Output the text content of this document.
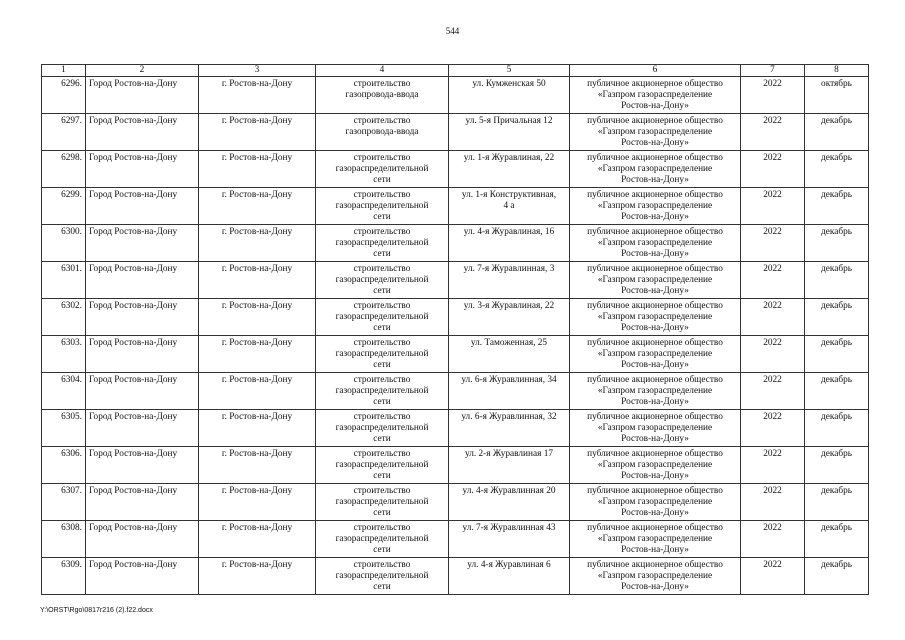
544
1	2	3	4	5	6	7	8
6296.	Город Ростов-на-Дону	г. Ростов-на-Дону	строительство
газопровода-ввода	ул. Кумженская 50	публичное акционерное общество
«Газпром газораспределение
Ростов-на-Дону»	2022	октябрь
6297.	Город Ростов-на-Дону	г. Ростов-на-Дону	строительство
газопровода-ввода	ул. 5-я Причальная 12	публичное акционерное общество
«Газпром газораспределение
Ростов-на-Дону»	2022	декабрь
6298.	Город Ростов-на-Дону	г. Ростов-на-Дону	строительство
газораспределительной
сети	ул. 1-я Журавлиная, 22	публичное акционерное общество
«Газпром газораспределение
Ростов-на-Дону»	2022	декабрь
6299.	Город Ростов-на-Дону	г. Ростов-на-Дону	строительство
газораспределительной
сети	ул. 1-я Конструктивная,
4 а	публичное акционерное общество
«Газпром газораспределение
Ростов-на-Дону»	2022	декабрь
6300.	Город Ростов-на-Дону	г. Ростов-на-Дону	строительство
газораспределительной
сети	ул. 4-я Журавлиная, 16	публичное акционерное общество
«Газпром газораспределение
Ростов-на-Дону»	2022	декабрь
6301.	Город Ростов-на-Дону	г. Ростов-на-Дону	строительство
газораспределительной
сети	ул. 7-я Журавлинная, 3	публичное акционерное общество
«Газпром газораспределение
Ростов-на-Дону»	2022	декабрь
6302.	Город Ростов-на-Дону	г. Ростов-на-Дону	строительство
газораспределительной
сети	ул. 3-я Журавлиная, 22	публичное акционерное общество
«Газпром газораспределение
Ростов-на-Дону»	2022	декабрь
6303.	Город Ростов-на-Дону	г. Ростов-на-Дону	строительство
газораспределительной
сети	ул. Таможенная, 25	публичное акционерное общество
«Газпром газораспределение
Ростов-на-Дону»	2022	декабрь
6304.	Город Ростов-на-Дону	г. Ростов-на-Дону	строительство
газораспределительной
сети	ул. 6-я Журавлинная, 34	публичное акционерное общество
«Газпром газораспределение
Ростов-на-Дону»	2022	декабрь
6305.	Город Ростов-на-Дону	г. Ростов-на-Дону	строительство
газораспределительной
сети	ул. 6-я Журавлинная, 32	публичное акционерное общество
«Газпром газораспределение
Ростов-на-Дону»	2022	декабрь
6306.	Город Ростов-на-Дону	г. Ростов-на-Дону	строительство
газораспределительной
сети	ул. 2-я Журавлиная 17	публичное акционерное общество
«Газпром газораспределение
Ростов-на-Дону»	2022	декабрь
6307.	Город Ростов-на-Дону	г. Ростов-на-Дону	строительство
газораспределительной
сети	ул. 4-я Журавлинная 20	публичное акционерное общество
«Газпром газораспределение
Ростов-на-Дону»	2022	декабрь
6308.	Город Ростов-на-Дону	г. Ростов-на-Дону	строительство
газораспределительной
сети	ул. 7-я Журавлинная 43	публичное акционерное общество
«Газпром газораспределение
Ростов-на-Дону»	2022	декабрь
6309.	Город Ростов-на-Дону	г. Ростов-на-Дону	строительство
газораспределительной
сети	ул. 4-я Журавлиная 6	публичное акционерное общество
«Газпром газораспределение
Ростов-на-Дону»	2022	декабрь
Y:\ORST\Rgo\0817r216 (2).f22.docx
